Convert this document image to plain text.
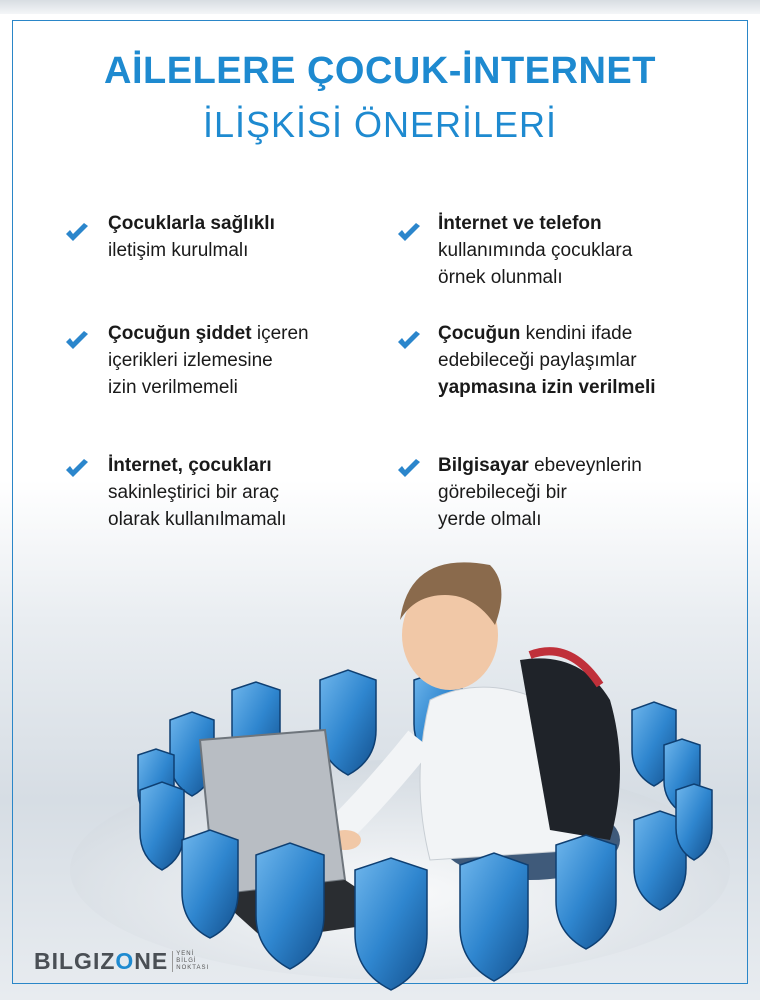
AİLELERE ÇOCUK-İNTERNET
İLİŞKİSİ ÖNERİLERİ
Çocuklarla sağlıklı
iletişim kurulmalı
İnternet ve telefon
kullanımında çocuklara
örnek olunmalı
Çocuğun şiddet içeren
içerikleri izlemesine
izin verilmemeli
Çocuğun kendini ifade
edebileceği paylaşımlar
yapmasına izin verilmeli
İnternet, çocukları
sakinleştirici bir araç
olarak kullanılmamalı
Bilgisayar ebeveynlerin
görebileceği bir
yerde olmalı
BILGIZONE	YENİ
BİLGİ
NOKTASI
